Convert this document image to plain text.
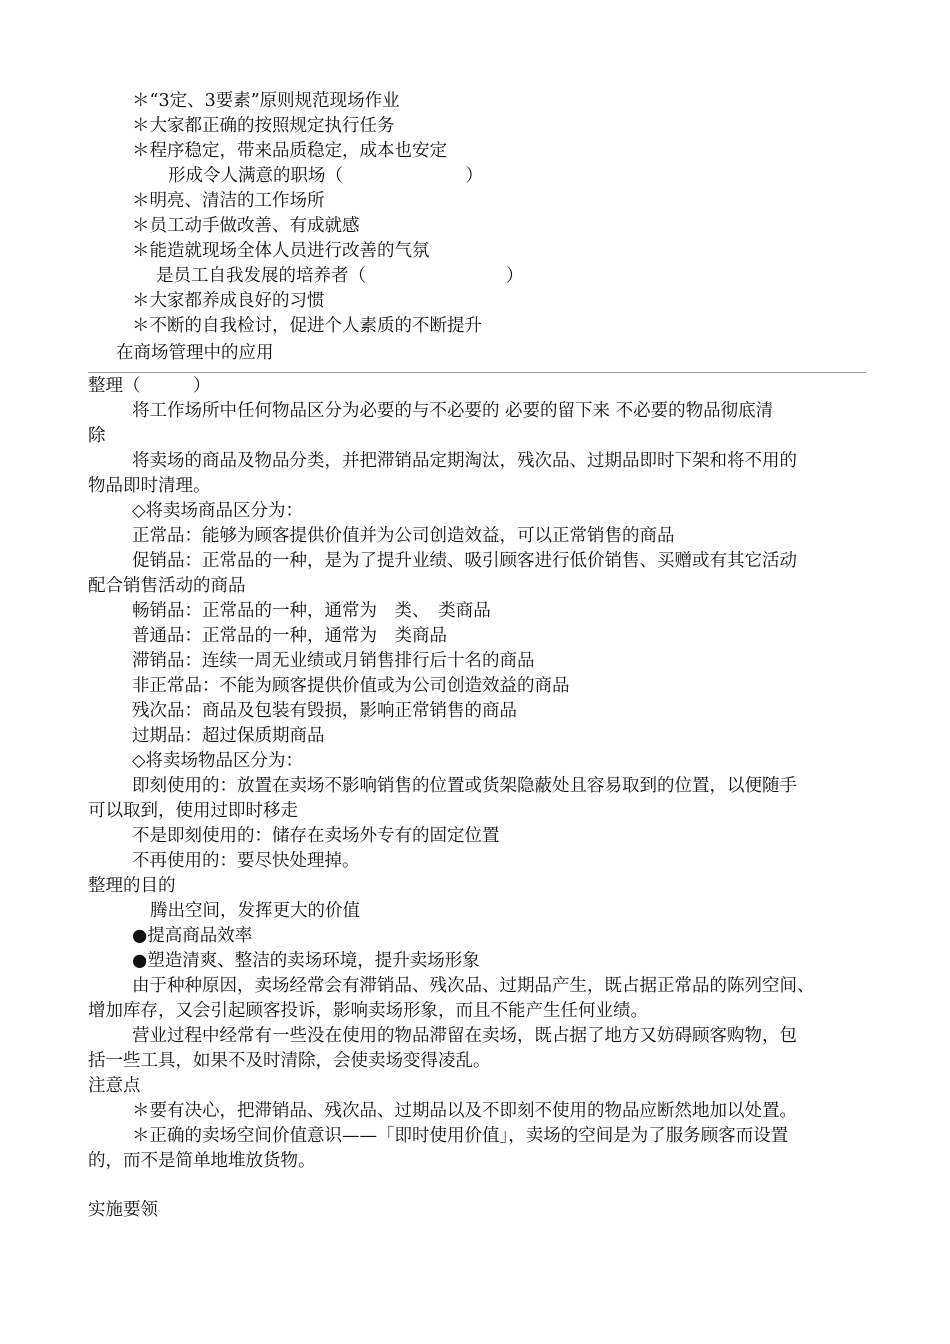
＊“3定、3要素”原则规范现场作业
＊大家都正确的按照规定执行任务
＊程序稳定，带来品质稳定，成本也安定
形成令人满意的职场（　　　　　　　）
＊明亮、清洁的工作场所
＊员工动手做改善、有成就感
＊能造就现场全体人员进行改善的气氛
是员工自我发展的培养者（　　　　　　　　）
＊大家都养成良好的习惯
＊不断的自我检讨，促进个人素质的不断提升
在商场管理中的应用
整理（　　　）
将工作场所中任何物品区分为必要的与不必要的 必要的留下来 不必要的物品彻底清
除
将卖场的商品及物品分类，并把滞销品定期淘汰，残次品、过期品即时下架和将不用的
物品即时清理。
◇将卖场商品区分为：
正常品：能够为顾客提供价值并为公司创造效益，可以正常销售的商品
促销品：正常品的一种，是为了提升业绩、吸引顾客进行低价销售、买赠或有其它活动
配合销售活动的商品
畅销品：正常品的一种，通常为　类、　类商品
普通品：正常品的一种，通常为　类商品
滞销品：连续一周无业绩或月销售排行后十名的商品
非正常品：不能为顾客提供价值或为公司创造效益的商品
残次品：商品及包装有毁损，影响正常销售的商品
过期品：超过保质期商品
◇将卖场物品区分为：
即刻使用的：放置在卖场不影响销售的位置或货架隐蔽处且容易取到的位置，以便随手
可以取到，使用过即时移走
不是即刻使用的：储存在卖场外专有的固定位置
不再使用的：要尽快处理掉。
整理的目的
腾出空间，发挥更大的价值
●提高商品效率
●塑造清爽、整洁的卖场环境，提升卖场形象
由于种种原因，卖场经常会有滞销品、残次品、过期品产生，既占据正常品的陈列空间、
增加库存，又会引起顾客投诉，影响卖场形象，而且不能产生任何业绩。
营业过程中经常有一些没在使用的物品滞留在卖场，既占据了地方又妨碍顾客购物，包
括一些工具，如果不及时清除，会使卖场变得凌乱。
注意点
＊要有决心，把滞销品、残次品、过期品以及不即刻不使用的物品应断然地加以处置。
＊正确的卖场空间价值意识——「即时使用价值」，卖场的空间是为了服务顾客而设置
的，而不是简单地堆放货物。
实施要领
